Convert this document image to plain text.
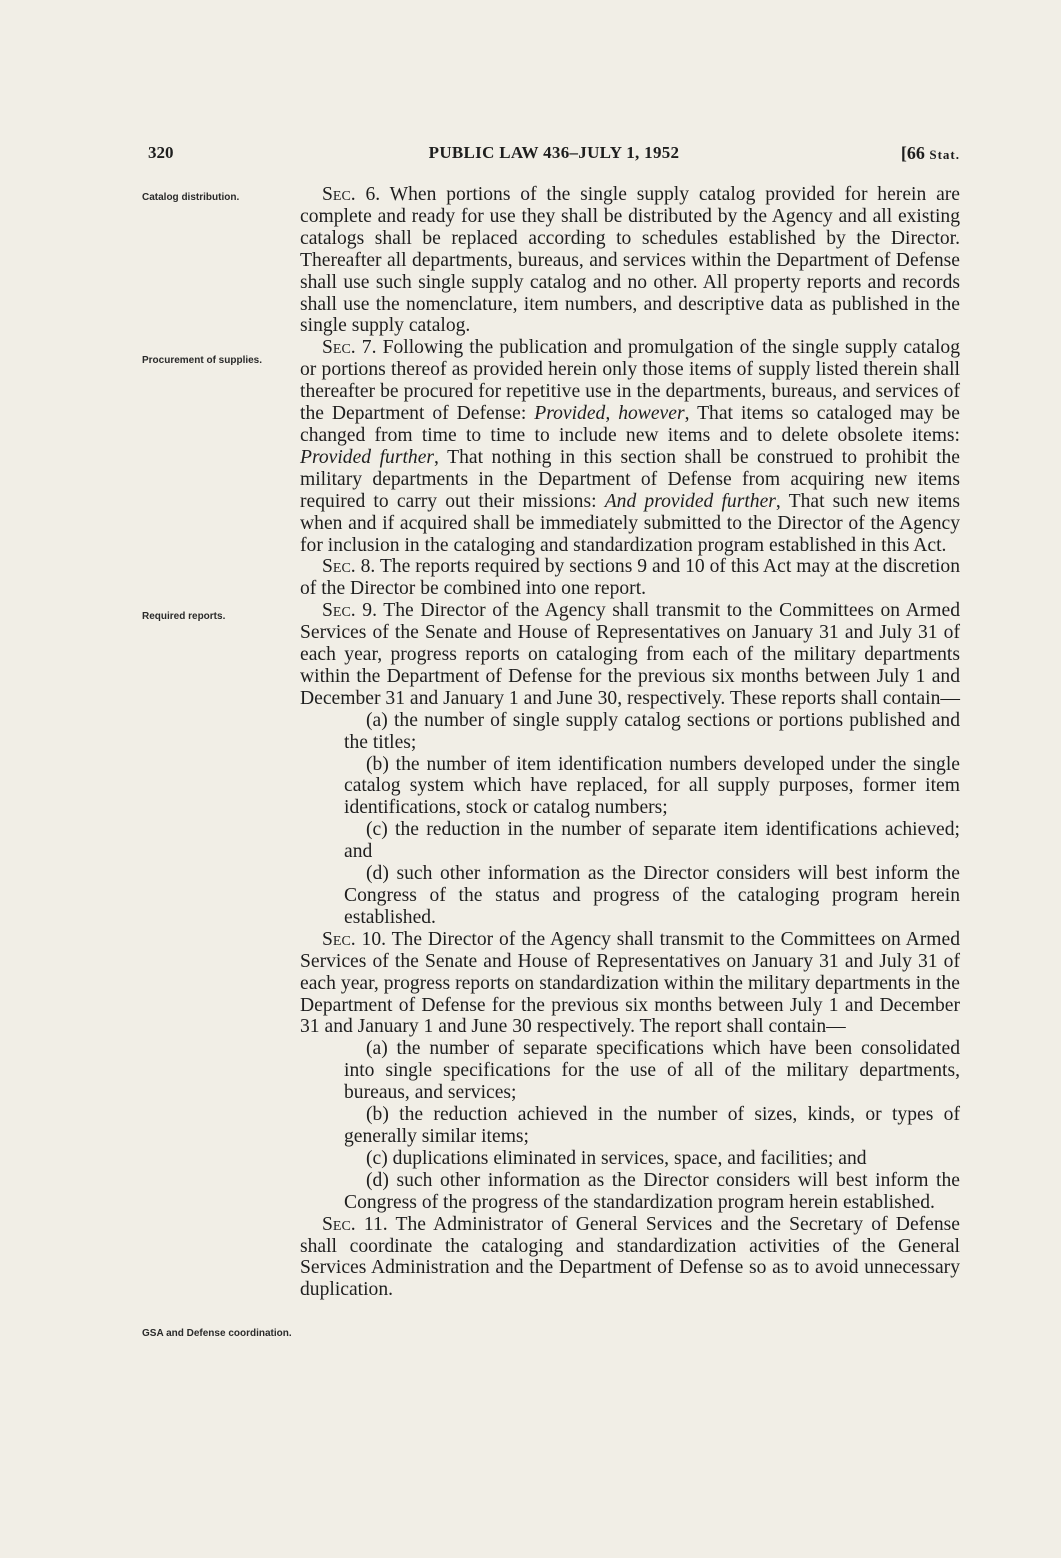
320	PUBLIC LAW 436–JULY 1, 1952	[66 Stat.

Catalog distribution.
Procurement of supplies.
Required reports.
GSA and Defense coordination.

Sec. 6. When portions of the single supply catalog provided for herein are complete and ready for use they shall be distributed by the Agency and all existing catalogs shall be replaced according to schedules established by the Director. Thereafter all departments, bureaus, and services within the Department of Defense shall use such single supply catalog and no other. All property reports and records shall use the nomenclature, item numbers, and descriptive data as published in the single supply catalog.

Sec. 7. Following the publication and promulgation of the single supply catalog or portions thereof as provided herein only those items of supply listed therein shall thereafter be procured for repetitive use in the departments, bureaus, and services of the Department of Defense: Provided, however, That items so cataloged may be changed from time to time to include new items and to delete obsolete items: Provided further, That nothing in this section shall be construed to prohibit the military departments in the Department of Defense from acquiring new items required to carry out their missions: And provided further, That such new items when and if acquired shall be immediately submitted to the Director of the Agency for inclusion in the cataloging and standardization program established in this Act.

Sec. 8. The reports required by sections 9 and 10 of this Act may at the discretion of the Director be combined into one report.

Sec. 9. The Director of the Agency shall transmit to the Committees on Armed Services of the Senate and House of Representatives on January 31 and July 31 of each year, progress reports on cataloging from each of the military departments within the Department of Defense for the previous six months between July 1 and December 31 and January 1 and June 30, respectively. These reports shall contain—

(a) the number of single supply catalog sections or portions published and the titles;

(b) the number of item identification numbers developed under the single catalog system which have replaced, for all supply purposes, former item identifications, stock or catalog numbers;

(c) the reduction in the number of separate item identifications achieved; and

(d) such other information as the Director considers will best inform the Congress of the status and progress of the cataloging program herein established.

Sec. 10. The Director of the Agency shall transmit to the Committees on Armed Services of the Senate and House of Representatives on January 31 and July 31 of each year, progress reports on standardization within the military departments in the Department of Defense for the previous six months between July 1 and December 31 and January 1 and June 30 respectively. The report shall contain—

(a) the number of separate specifications which have been consolidated into single specifications for the use of all of the military departments, bureaus, and services;

(b) the reduction achieved in the number of sizes, kinds, or types of generally similar items;

(c) duplications eliminated in services, space, and facilities; and

(d) such other information as the Director considers will best inform the Congress of the progress of the standardization program herein established.

Sec. 11. The Administrator of General Services and the Secretary of Defense shall coordinate the cataloging and standardization activities of the General Services Administration and the Department of Defense so as to avoid unnecessary duplication.
